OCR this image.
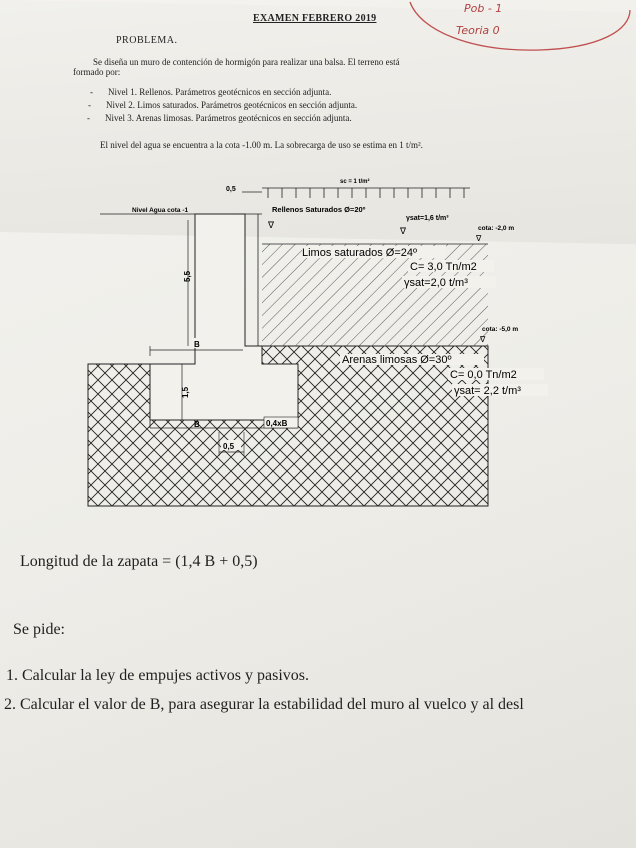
Pob - 1
Teoria 0
EXAMEN FEBRERO 2019
PROBLEMA.
Se diseña un muro de contención de hormigón para realizar una balsa. El terreno está
formado por:
- Nivel 1. Rellenos. Parámetros geotécnicos en sección adjunta.
- Nivel 2. Limos saturados. Parámetros geotécnicos en sección adjunta.
- Nivel 3. Arenas limosas. Parámetros geotécnicos en sección adjunta.
El nivel del agua se encuentra a la cota -1.00 m. La sobrecarga de uso se estima en 1 t/m².
sc = 1 t/m²
0,5
Nivel Agua cota -1	Rellenos Saturados Ø=20º
γsat=1,6 t/m³
∇
∇	cota: -2,0 m
∇
5,5
Limos saturados Ø=24º
C= 3,0 Tn/m2
γsat=2,0 t/m³
cota: -5,0 m
∇
B
1,5
Arenas limosas Ø=30º
C= 0,0 Tn/m2
γsat= 2,2 t/m³
B	0,4xB
0,5
Longitud de la zapata = (1,4 B + 0,5)
Se pide:
1. Calcular la ley de empujes activos y pasivos.
2. Calcular el valor de B, para asegurar la estabilidad del muro al vuelco y al desl
